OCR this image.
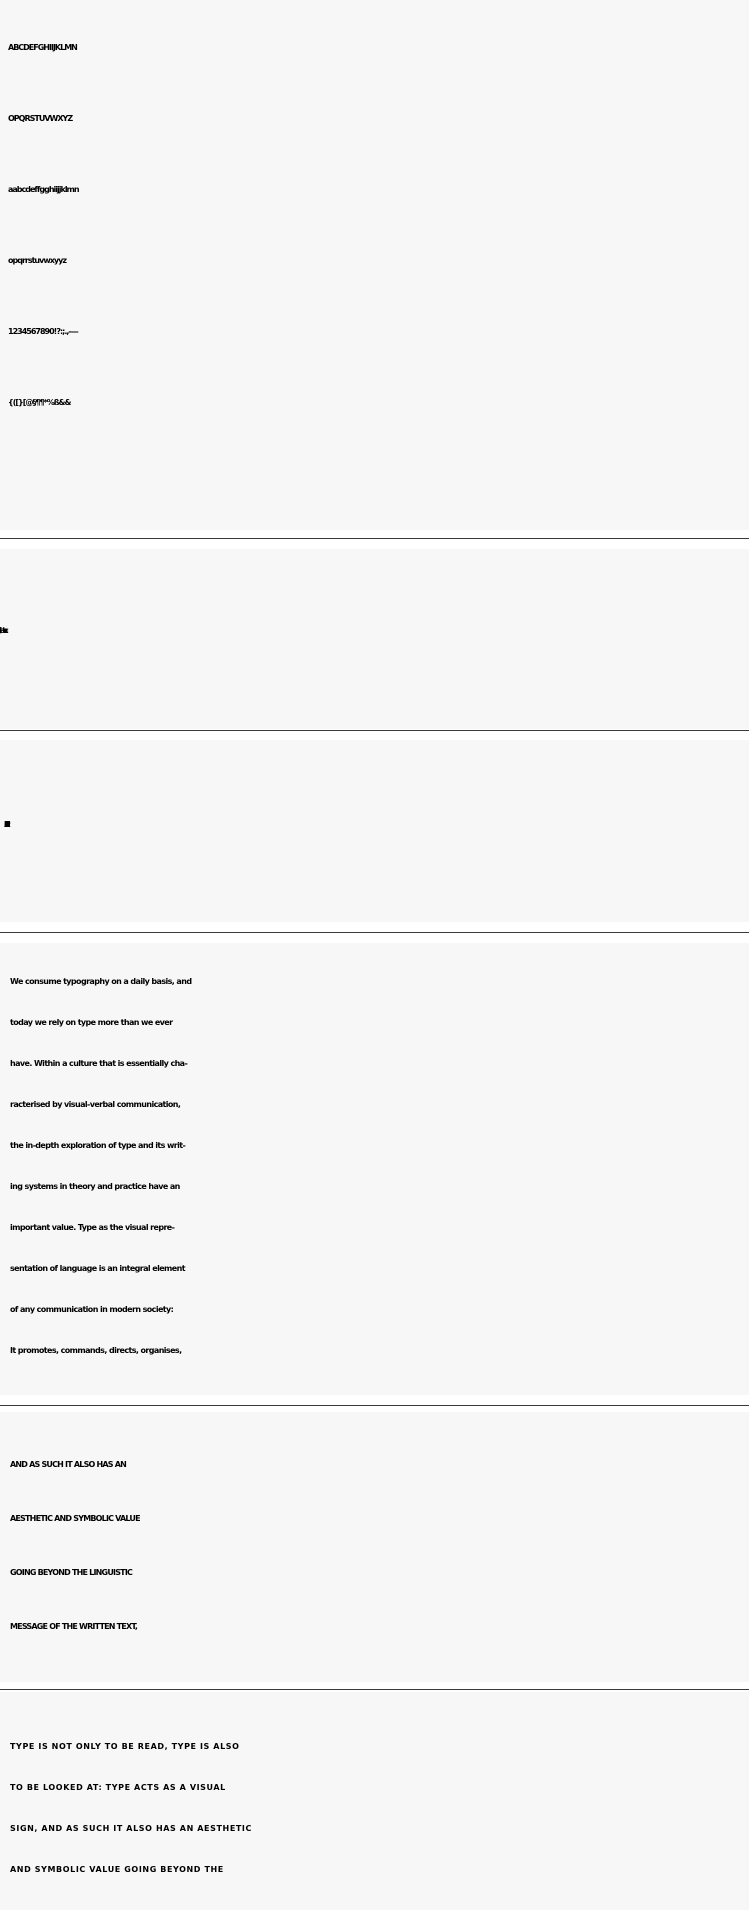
ABCDEFGHIIJKLMN
OPQRSTUVWXYZ
aabcdeffgghiijjklmn
opqrrstuvwxyyz
1234567890!?:;.,-—
{([}[@§¶¶*%ß&&
BACKUPS
We consume typography on a daily basis, and
today we rely on type more than we ever
have. Within a culture that is essentially cha-
racterised by visual-verbal communication,
the in-depth exploration of type and its writ-
ing systems in theory and practice have an
important value. Type as the visual repre-
sentation of language is an integral element
of any communication in modern society:
It promotes, commands, directs, organises,
AND AS SUCH IT ALSO HAS AN
AESTHETIC AND SYMBOLIC VALUE
GOING BEYOND THE LINGUISTIC
MESSAGE OF THE WRITTEN TEXT,
TYPE IS NOT ONLY TO BE READ, TYPE IS ALSO
TO BE LOOKED AT: TYPE ACTS AS A VISUAL
SIGN, AND AS SUCH IT ALSO HAS AN AESTHETIC
AND SYMBOLIC VALUE GOING BEYOND THE
